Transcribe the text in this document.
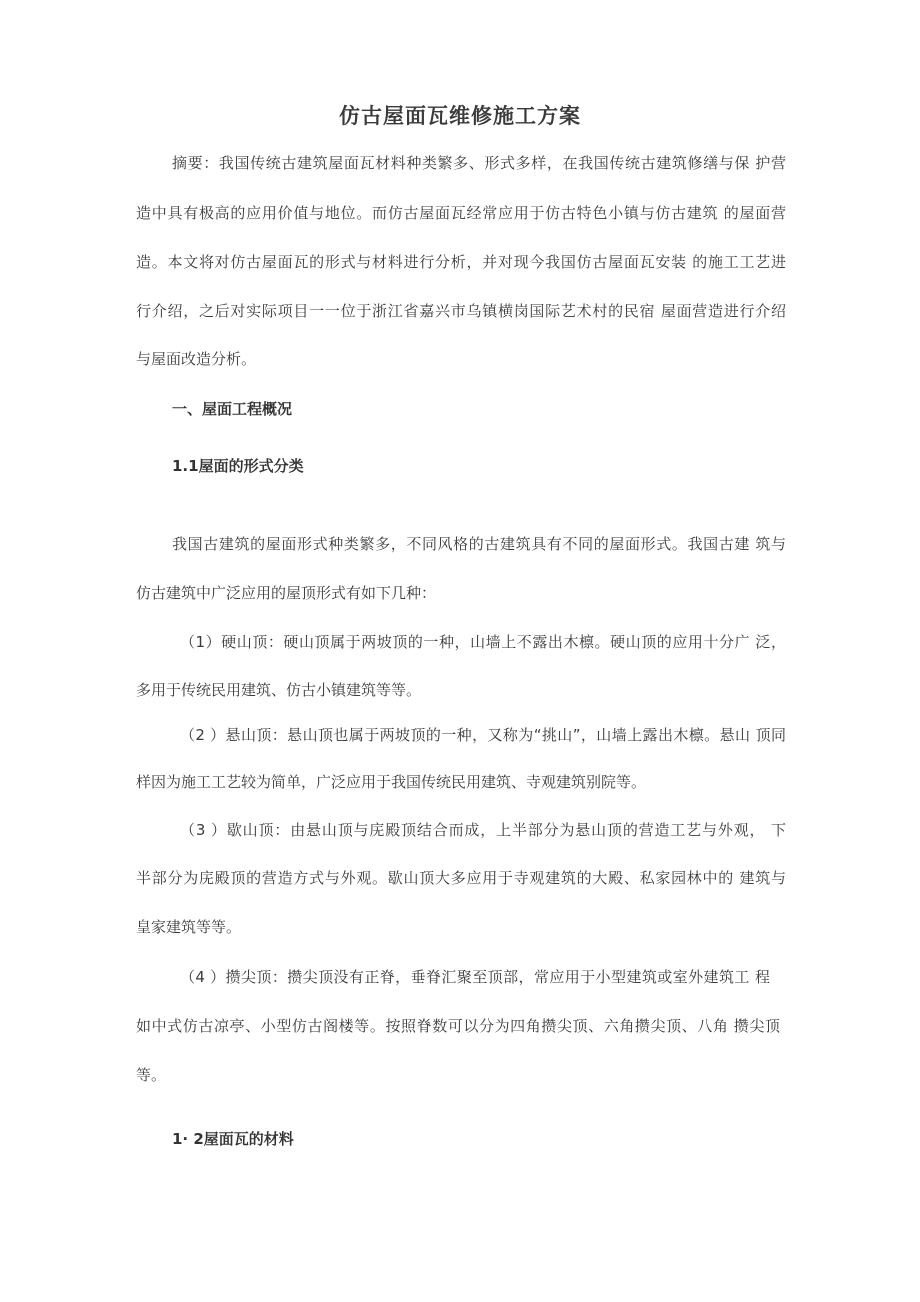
仿古屋面瓦维修施工方案
摘要：我国传统古建筑屋面瓦材料种类繁多、形式多样，在我国传统古建筑修缮与保 护营
造中具有极高的应用价值与地位。而仿古屋面瓦经常应用于仿古特色小镇与仿古建筑 的屋面营
造。本文将对仿古屋面瓦的形式与材料进行分析，并对现今我国仿古屋面瓦安装 的施工工艺进
行介绍，之后对实际项目一一位于浙江省嘉兴市乌镇横岗国际艺术村的民宿 屋面营造进行介绍
与屋面改造分析。
一、屋面工程概况
1.1屋面的形式分类
我国古建筑的屋面形式种类繁多，不同风格的古建筑具有不同的屋面形式。我国古建 筑与
仿古建筑中广泛应用的屋顶形式有如下几种：
（1）硬山顶：硬山顶属于两坡顶的一种，山墙上不露出木檩。硬山顶的应用十分广 泛，
多用于传统民用建筑、仿古小镇建筑等等。
（2 ）悬山顶：悬山顶也属于两坡顶的一种，又称为“挑山”，山墙上露出木檩。悬山 顶同
样因为施工工艺较为简单，广泛应用于我国传统民用建筑、寺观建筑别院等。
（3 ）歇山顶：由悬山顶与庑殿顶结合而成，上半部分为悬山顶的营造工艺与外观， 下
半部分为庑殿顶的营造方式与外观。歇山顶大多应用于寺观建筑的大殿、私家园林中的 建筑与
皇家建筑等等。
（4 ）攒尖顶：攒尖顶没有正脊，垂脊汇聚至顶部，常应用于小型建筑或室外建筑工 程
如中式仿古凉亭、小型仿古阁楼等。按照脊数可以分为四角攒尖顶、六角攒尖顶、八角 攒尖顶
等。
1· 2屋面瓦的材料
